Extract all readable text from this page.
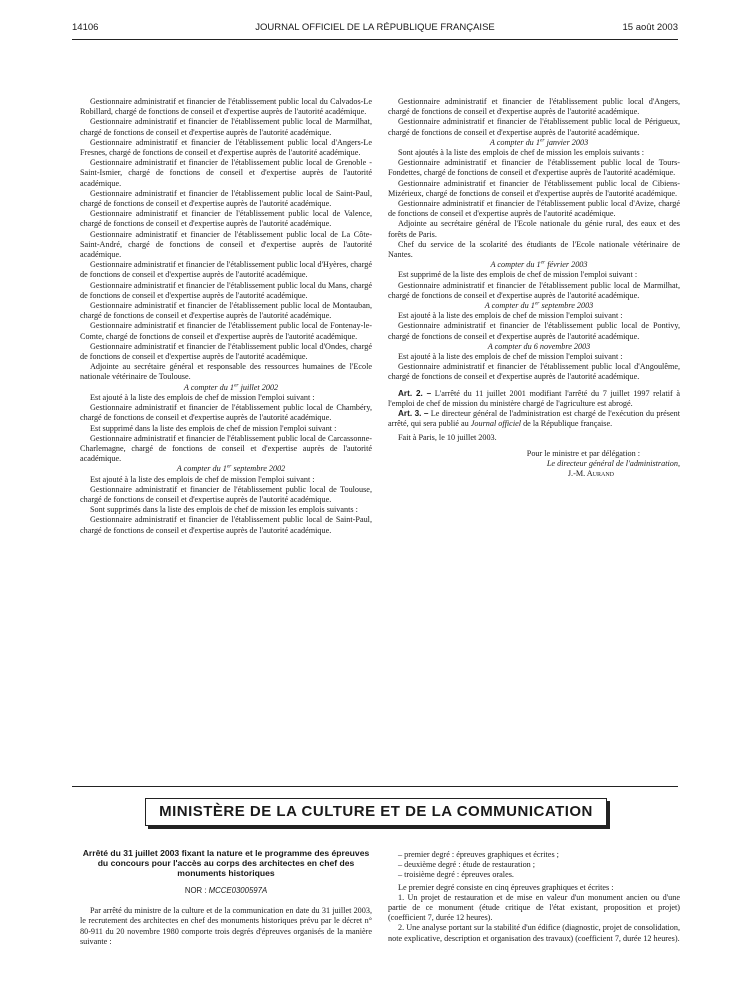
14106	JOURNAL OFFICIEL DE LA RÉPUBLIQUE FRANÇAISE	15 août 2003

Gestionnaire administratif et financier de l'établissement public local du Calvados-Le Robillard, chargé de fonctions de conseil et d'expertise auprès de l'autorité académique.

Gestionnaire administratif et financier de l'établissement public local de Marmilhat, chargé de fonctions de conseil et d'expertise auprès de l'autorité académique.

Gestionnaire administratif et financier de l'établissement public local d'Angers-Le Fresnes, chargé de fonctions de conseil et d'expertise auprès de l'autorité académique.

Gestionnaire administratif et financier de l'établissement public local de Grenoble - Saint-Ismier, chargé de fonctions de conseil et d'expertise auprès de l'autorité académique.

Gestionnaire administratif et financier de l'établissement public local de Saint-Paul, chargé de fonctions de conseil et d'expertise auprès de l'autorité académique.

Gestionnaire administratif et financier de l'établissement public local de Valence, chargé de fonctions de conseil et d'expertise auprès de l'autorité académique.

Gestionnaire administratif et financier de l'établissement public local de La Côte-Saint-André, chargé de fonctions de conseil et d'expertise auprès de l'autorité académique.

Gestionnaire administratif et financier de l'établissement public local d'Hyères, chargé de fonctions de conseil et d'expertise auprès de l'autorité académique.

Gestionnaire administratif et financier de l'établissement public local du Mans, chargé de fonctions de conseil et d'expertise auprès de l'autorité académique.

Gestionnaire administratif et financier de l'établissement public local de Montauban, chargé de fonctions de conseil et d'expertise auprès de l'autorité académique.

Gestionnaire administratif et financier de l'établissement public local de Fontenay-le-Comte, chargé de fonctions de conseil et d'expertise auprès de l'autorité académique.

Gestionnaire administratif et financier de l'établissement public local d'Ondes, chargé de fonctions de conseil et d'expertise auprès de l'autorité académique.

Adjointe au secrétaire général et responsable des ressources humaines de l'Ecole nationale vétérinaire de Toulouse.

A compter du 1er juillet 2002

Est ajouté à la liste des emplois de chef de mission l'emploi suivant :

Gestionnaire administratif et financier de l'établissement public local de Chambéry, chargé de fonctions de conseil et d'expertise auprès de l'autorité académique.

Est supprimé dans la liste des emplois de chef de mission l'emploi suivant :

Gestionnaire administratif et financier de l'établissement public local de Carcassonne-Charlemagne, chargé de fonctions de conseil et d'expertise auprès de l'autorité académique.

A compter du 1er septembre 2002

Est ajouté à la liste des emplois de chef de mission l'emploi suivant :

Gestionnaire administratif et financier de l'établissement public local de Toulouse, chargé de fonctions de conseil et d'expertise auprès de l'autorité académique.

Sont supprimés dans la liste des emplois de chef de mission les emplois suivants :

Gestionnaire administratif et financier de l'établissement public local de Saint-Paul, chargé de fonctions de conseil et d'expertise auprès de l'autorité académique.

Gestionnaire administratif et financier de l'établissement public local d'Angers, chargé de fonctions de conseil et d'expertise auprès de l'autorité académique.

Gestionnaire administratif et financier de l'établissement public local de Périgueux, chargé de fonctions de conseil et d'expertise auprès de l'autorité académique.

A compter du 1er janvier 2003

Sont ajoutés à la liste des emplois de chef de mission les emplois suivants :

Gestionnaire administratif et financier de l'établissement public local de Tours-Fondettes, chargé de fonctions de conseil et d'expertise auprès de l'autorité académique.

Gestionnaire administratif et financier de l'établissement public local de Cibiens-Mizérieux, chargé de fonctions de conseil et d'expertise auprès de l'autorité académique.

Gestionnaire administratif et financier de l'établissement public local d'Avize, chargé de fonctions de conseil et d'expertise auprès de l'autorité académique.

Adjointe au secrétaire général de l'Ecole nationale du génie rural, des eaux et des forêts de Paris.

Chef du service de la scolarité des étudiants de l'Ecole nationale vétérinaire de Nantes.

A compter du 1er février 2003

Est supprimé de la liste des emplois de chef de mission l'emploi suivant :

Gestionnaire administratif et financier de l'établissement public local de Marmilhat, chargé de fonctions de conseil et d'expertise auprès de l'autorité académique.

A compter du 1er septembre 2003

Est ajouté à la liste des emplois de chef de mission l'emploi suivant :

Gestionnaire administratif et financier de l'établissement public local de Pontivy, chargé de fonctions de conseil et d'expertise auprès de l'autorité académique.

A compter du 6 novembre 2003

Est ajouté à la liste des emplois de chef de mission l'emploi suivant :

Gestionnaire administratif et financier de l'établissement public local d'Angoulême, chargé de fonctions de conseil et d'expertise auprès de l'autorité académique.

Art. 2. – L'arrêté du 11 juillet 2001 modifiant l'arrêté du 7 juillet 1997 relatif à l'emploi de chef de mission du ministère chargé de l'agriculture est abrogé.

Art. 3. – Le directeur général de l'administration est chargé de l'exécution du présent arrêté, qui sera publié au Journal officiel de la République française.

Fait à Paris, le 10 juillet 2003.

Pour le ministre et par délégation :

Le directeur général de l'administration,

J.-M. Aurand

MINISTÈRE DE LA CULTURE ET DE LA COMMUNICATION

Arrêté du 31 juillet 2003 fixant la nature et le programme des épreuves du concours pour l'accès au corps des architectes en chef des monuments historiques

NOR : MCCE0300597A

Par arrêté du ministre de la culture et de la communication en date du 31 juillet 2003, le recrutement des architectes en chef des monuments historiques prévu par le décret n° 80-911 du 20 novembre 1980 comporte trois degrés d'épreuves organisés de la manière suivante :

– premier degré : épreuves graphiques et écrites ;

– deuxième degré : étude de restauration ;

– troisième degré : épreuves orales.

Le premier degré consiste en cinq épreuves graphiques et écrites :

1. Un projet de restauration et de mise en valeur d'un monument ancien ou d'une partie de ce monument (étude critique de l'état existant, proposition et projet) (coefficient 7, durée 12 heures).

2. Une analyse portant sur la stabilité d'un édifice (diagnostic, projet de consolidation, note explicative, description et organisation des travaux) (coefficient 7, durée 12 heures).
